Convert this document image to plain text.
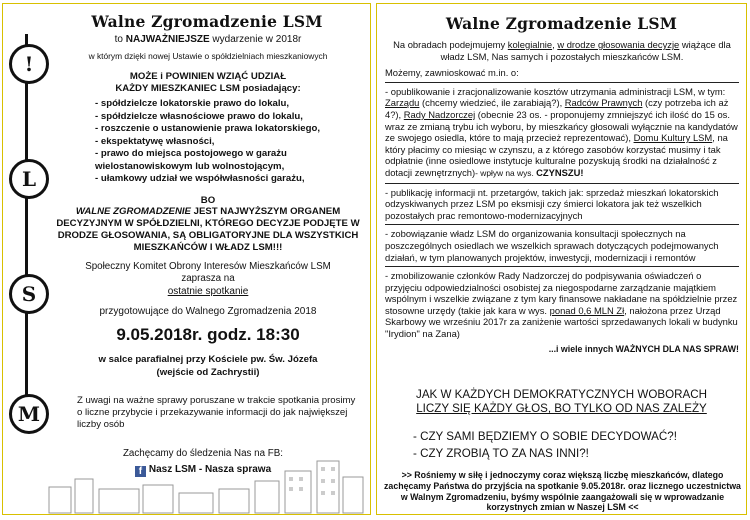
!
L
S
M
Walne Zgromadzenie LSM
to NAJWAŻNIEJSZE wydarzenie w 2018r
w którym dzięki nowej Ustawie o spółdzielniach mieszkaniowych
MOŻE i POWINIEN WZIĄĆ UDZIAŁ
KAŻDY MIESZKANIEC LSM posiadający:
- spółdzielcze lokatorskie prawo do lokalu,
- spółdzielcze własnościowe prawo do lokalu,
- roszczenie o ustanowienie prawa lokatorskiego,
- ekspektatywę własności,
- prawo do miejsca postojowego w garażu wielostanowiskowym lub wolnostojącym,
- ułamkowy udział we współwłasności garażu,
BO
WALNE ZGROMADZENIE JEST NAJWYŻSZYM ORGANEM DECYZYJNYM W SPÓŁDZIELNI, KTÓREGO DECYZJE PODJĘTE W DRODZE GŁOSOWANIA, SĄ OBLIGATORYJNE DLA WSZYSTKICH MIESZKAŃCÓW I WŁADZ LSM!!!
Społeczny Komitet Obrony Interesów Mieszkańców LSM
zaprasza na
ostatnie spotkanie
przygotowujące do Walnego Zgromadzenia 2018
9.05.2018r. godz. 18:30
w salce parafialnej przy Kościele pw. Św. Józefa
(wejście od Zachrystii)
Z uwagi na ważne sprawy poruszane w trakcie spotkania prosimy o liczne przybycie i przekazywanie informacji do jak największej liczby osób
Zachęcamy do śledzenia Nas na FB:
f Nasz LSM - Nasza sprawa
Walne Zgromadzenie LSM

Na obradach podejmujemy kolegialnie, w drodze głosowania decyzje wiążące dla władz LSM, Nas samych i pozostałych mieszkańców LSM.

Możemy, zawnioskować m.in. o:

- opublikowanie i zracjonalizowanie kosztów utrzymania administracji LSM, w tym: Zarządu (chcemy wiedzieć, ile zarabiają?), Radców Prawnych (czy potrzeba ich aż 4?), Rady Nadzorczej (obecnie 23 os. - proponujemy zmniejszyć ich ilość do 15 os. wraz ze zmianą trybu ich wyboru, by mieszkańcy głosowali wyłącznie na kandydatów ze swojego osiedla, które to mają przecież reprezentować), Domu Kultury LSM, na który płacimy co miesiąc w czynszu, a z którego zasobów korzystać musimy i tak odpłatnie (inne osiedlowe instytucje kulturalne pozyskują środki na działalność z dotacji zewnętrznych)- wpływ na wys. CZYNSZU!

- publikację informacji nt. przetargów, takich jak: sprzedaż mieszkań lokatorskich odzyskiwanych przez LSM po eksmisji czy śmierci lokatora jak też wszelkich pozostałych prac remontowo-modernizacyjnych

- zobowiązanie władz LSM do organizowania konsultacji społecznych na poszczególnych osiedlach we wszelkich sprawach dotyczących podejmowanych działań, w tym planowanych projektów, inwestycji, modernizacji i remontów

- zmobilizowanie członków Rady Nadzorczej do podpisywania oświadczeń o przyjęciu odpowiedzialności osobistej za niegospodarne zarządzanie majątkiem wspólnym i wszelkie związane z tym kary finansowe nakładane na spółdzielnie przez stosowne urzędy (takie jak kara w wys. ponad 0,6 MLN Zł, nałożona przez Urząd Skarbowy we wrześniu 2017r za zaniżenie wartości sprzedawanych lokali w budynku "Irydion" na Zana)

...i wiele innych WAŻNYCH DLA NAS SPRAW!

JAK W KAŻDYCH DEMOKRATYCZNYCH WOBORACH
LICZY SIĘ KAŻDY GŁOS, BO TYLKO OD NAS ZALEŻY
- CZY SAMI BĘDZIEMY O SOBIE DECYDOWAĆ?!
- CZY ZROBIĄ TO ZA NAS INNI?!
>> Rośniemy w siłę i jednoczymy coraz większą liczbę mieszkańców, dlatego zachęcamy Państwa do przyjścia na spotkanie 9.05.2018r. oraz licznego uczestnictwa w Walnym Zgromadzeniu, byśmy wspólnie zaangażowali się w wprowadzanie korzystnych zmian w Naszej LSM <<
